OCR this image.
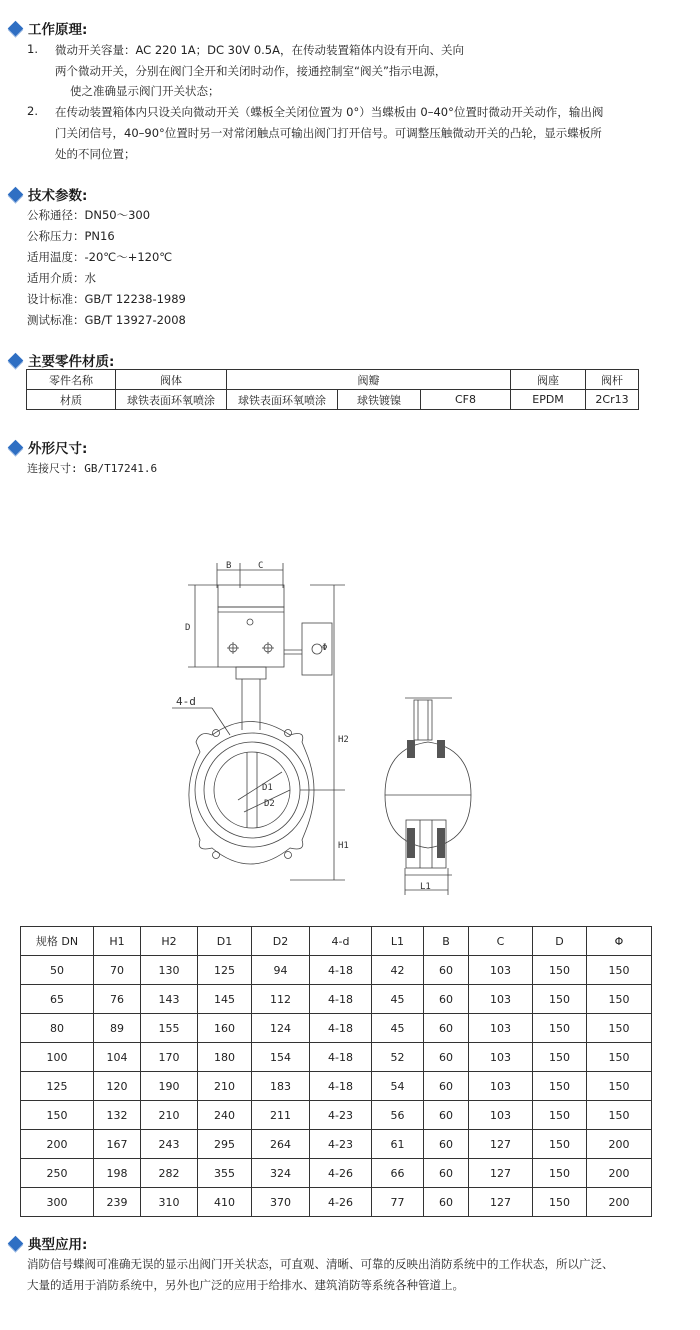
工作原理:
1. 微动开关容量：AC 220 1A；DC 30V 0.5A，在传动装置箱体内设有开向、关向
两个微动开关，分别在阀门全开和关闭时动作，接通控制室“阀关”指示电源，
使之准确显示阀门开关状态；
2. 在传动装置箱体内只设关向微动开关（蝶板全关闭位置为 0°）当蝶板由 0–40°位置时微动开关动作，输出阀
门关闭信号，40–90°位置时另一对常闭触点可输出阀门打开信号。可调整压触微动开关的凸轮，显示蝶板所
处的不同位置；
技术参数:
公称通径：DN50～300
公称压力：PN16
适用温度：-20℃～+120℃
适用介质：水
设计标准：GB/T 12238-1989
测试标准：GB/T 13927-2008
主要零件材质:
零件名称	阀体	阀瓣			阀座	阀杆
材质	球铁表面环氧喷涂	球铁表面环氧喷涂	球铁镀镍	CF8	EPDM	2Cr13
外形尺寸:
连接尺寸: GB/T17241.6
B	C
D
Φ
4-d
H2
H1
D1
D2
L1
规格 DN	H1	H2	D1	D2	4-d	L1	B	C	D	Φ
50	70	130	125	94	4-18	42	60	103	150	150
65	76	143	145	112	4-18	45	60	103	150	150
80	89	155	160	124	4-18	45	60	103	150	150
100	104	170	180	154	4-18	52	60	103	150	150
125	120	190	210	183	4-18	54	60	103	150	150
150	132	210	240	211	4-23	56	60	103	150	150
200	167	243	295	264	4-23	61	60	127	150	200
250	198	282	355	324	4-26	66	60	127	150	200
300	239	310	410	370	4-26	77	60	127	150	200
典型应用:
消防信号蝶阀可准确无误的显示出阀门开关状态，可直观、清晰、可靠的反映出消防系统中的工作状态，所以广泛、
大量的适用于消防系统中，另外也广泛的应用于给排水、建筑消防等系统各种管道上。
